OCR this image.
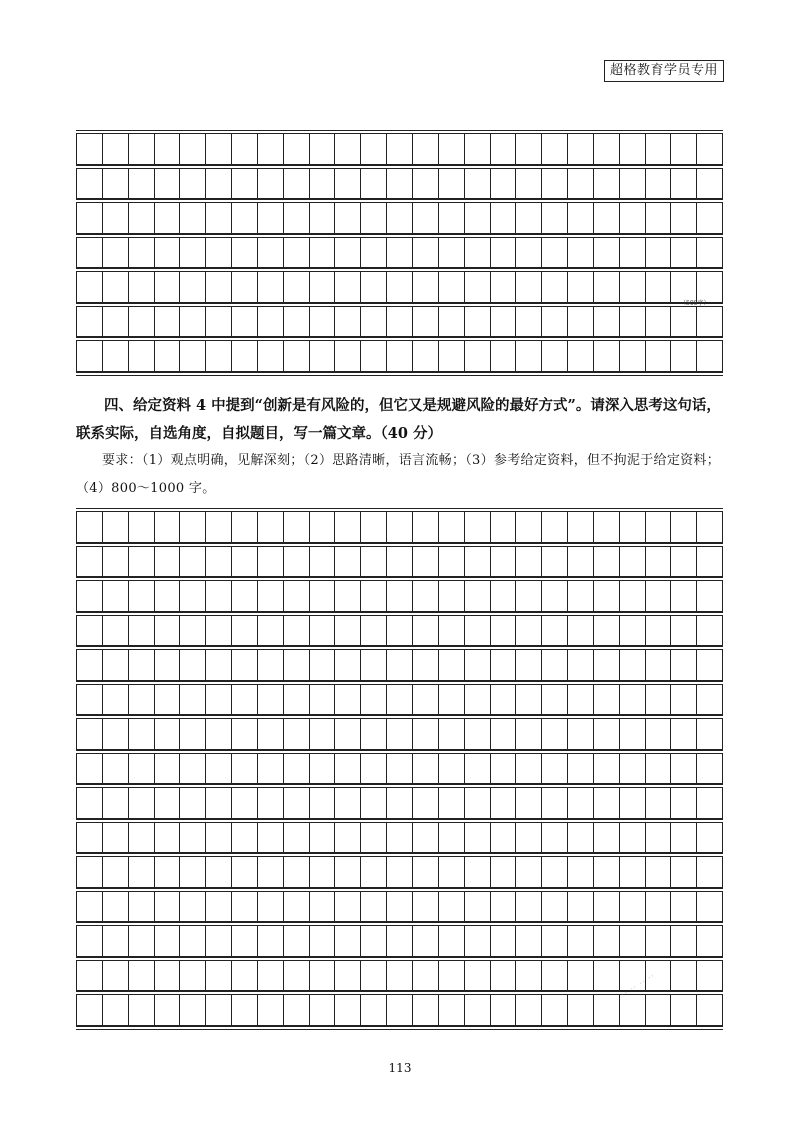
超格教育学员专用
（500字）

四、给定资料 4 中提到“创新是有风险的，但它又是规避风险的最好方式”。请深入思考这句话，联系实际，自选角度，自拟题目，写一篇文章。（40 分）

要求：（1）观点明确，见解深刻；（2）思路清晰，语言流畅；（3）参考给定资料，但不拘泥于给定资料；（4）800～1000 字。

113
·· ·· ·· ··
